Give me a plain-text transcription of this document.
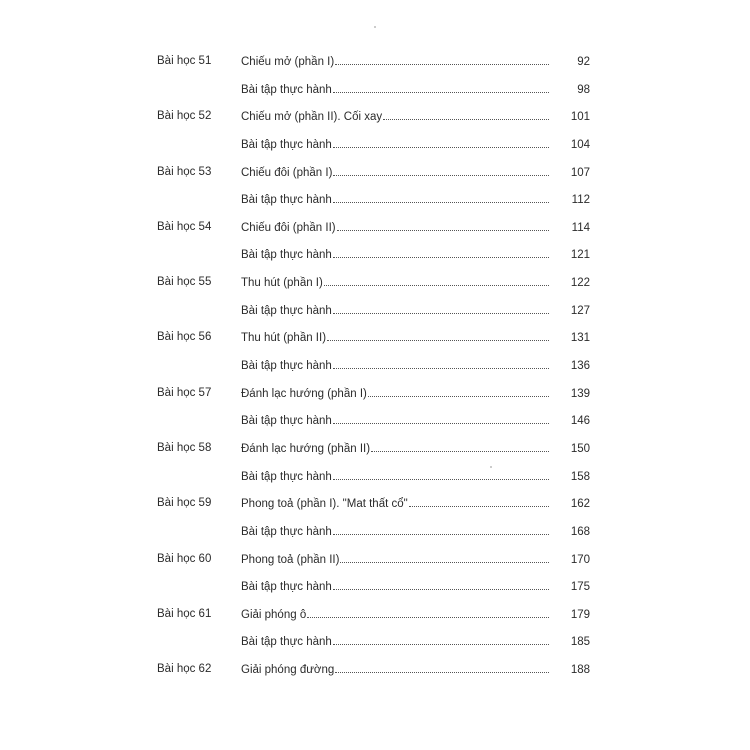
Bài học 51	Chiếu mở (phần I)	92
Bài tập thực hành	98
Bài học 52	Chiếu mở (phần II). Cối xay	101
Bài tập thực hành	104
Bài học 53	Chiếu đôi (phần I)	107
Bài tập thực hành	112
Bài học 54	Chiếu đôi (phần II)	114
Bài tập thực hành	121
Bài học 55	Thu hút (phần I)	122
Bài tập thực hành	127
Bài học 56	Thu hút (phần II)	131
Bài tập thực hành	136
Bài học 57	Đánh lạc hướng (phần I)	139
Bài tập thực hành	146
Bài học 58	Đánh lạc hướng (phần II)	150
Bài tập thực hành	158
Bài học 59	Phong toả (phần I). "Mat thất cổ"	162
Bài tập thực hành	168
Bài học 60	Phong toả (phần II)	170
Bài tập thực hành	175
Bài học 61	Giải phóng ô	179
Bài tập thực hành	185
Bài học 62	Giải phóng đường	188
